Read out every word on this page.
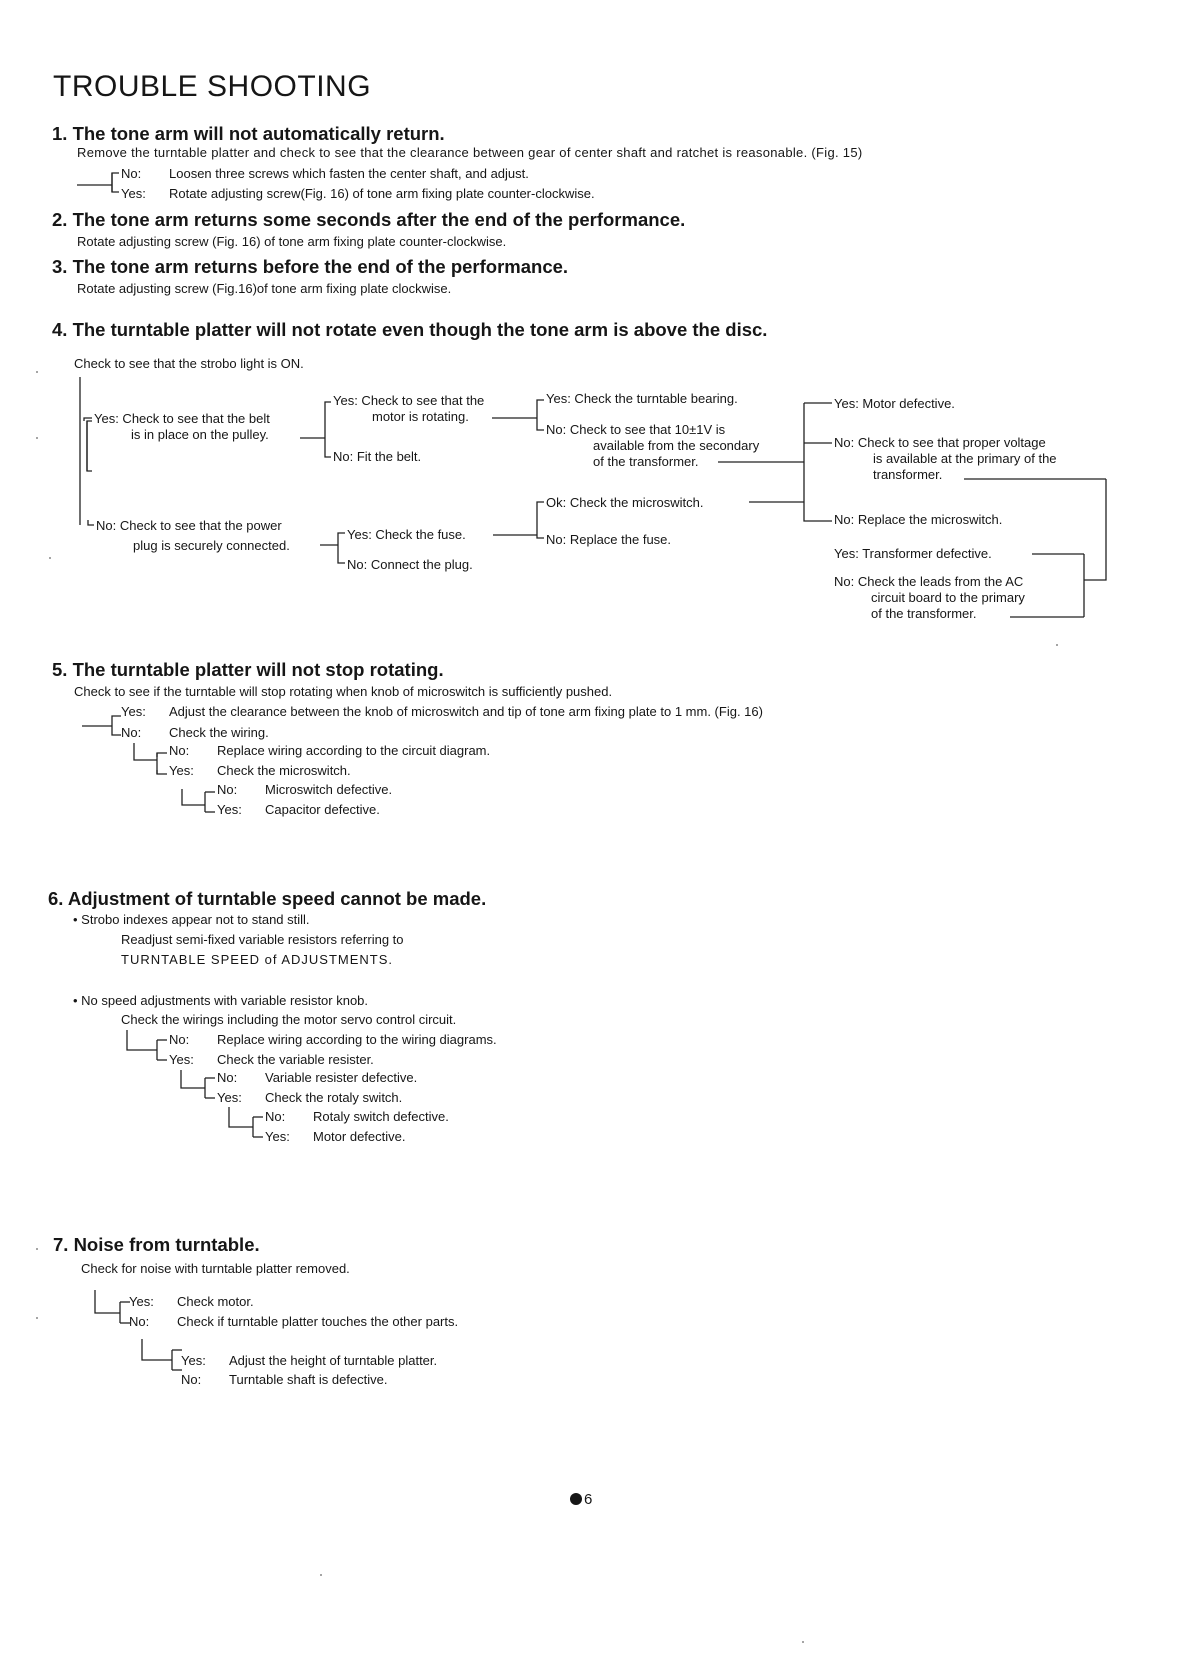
TROUBLE SHOOTING
1. The tone arm will not automatically return.
Remove the turntable platter and check to see that the clearance between gear of center shaft and ratchet is reasonable. (Fig. 15)
No: Loosen three screws which fasten the center shaft, and adjust.
Yes: Rotate adjusting screw(Fig. 16) of tone arm fixing plate counter-clockwise.
2. The tone arm returns some seconds after the end of the performance.
Rotate adjusting screw (Fig. 16) of tone arm fixing plate counter-clockwise.
3. The tone arm returns before the end of the performance.
Rotate adjusting screw (Fig.16)of tone arm fixing plate clockwise.
4. The turntable platter will not rotate even though the tone arm is above the disc.
Check to see that the strobo light is ON.
Yes: Check to see that the belt
is in place on the pulley.
No: Check to see that the power
plug is securely connected.
Yes: Check to see that the
motor is rotating.
No: Fit the belt.
Yes: Check the fuse.
No: Connect the plug.
Yes: Check the turntable bearing.
No: Check to see that 10±1V is
available from the secondary
of the transformer.
Ok: Check the microswitch.
No: Replace the fuse.
Yes: Motor defective.
No: Check to see that proper voltage
is available at the primary of the
transformer.
No: Replace the microswitch.
Yes: Transformer defective.
No: Check the leads from the AC
circuit board to the primary
of the transformer.
5. The turntable platter will not stop rotating.
Check to see if the turntable will stop rotating when knob of microswitch is sufficiently pushed.
Yes: Adjust the clearance between the knob of microswitch and tip of tone arm fixing plate to 1 mm. (Fig. 16)
No: Check the wiring.
No: Replace wiring according to the circuit diagram.
Yes: Check the microswitch.
No: Microswitch defective.
Yes: Capacitor defective.
6. Adjustment of turntable speed cannot be made.
• Strobo indexes appear not to stand still.
Readjust semi-fixed variable resistors referring to
TURNTABLE SPEED of ADJUSTMENTS.
• No speed adjustments with variable resistor knob.
Check the wirings including the motor servo control circuit.
No: Replace wiring according to the wiring diagrams.
Yes: Check the variable resister.
No: Variable resister defective.
Yes: Check the rotaly switch.
No: Rotaly switch defective.
Yes: Motor defective.
7. Noise from turntable.
Check for noise with turntable platter removed.
Yes: Check motor.
No: Check if turntable platter touches the other parts.
Yes: Adjust the height of turntable platter.
No: Turntable shaft is defective.
6
